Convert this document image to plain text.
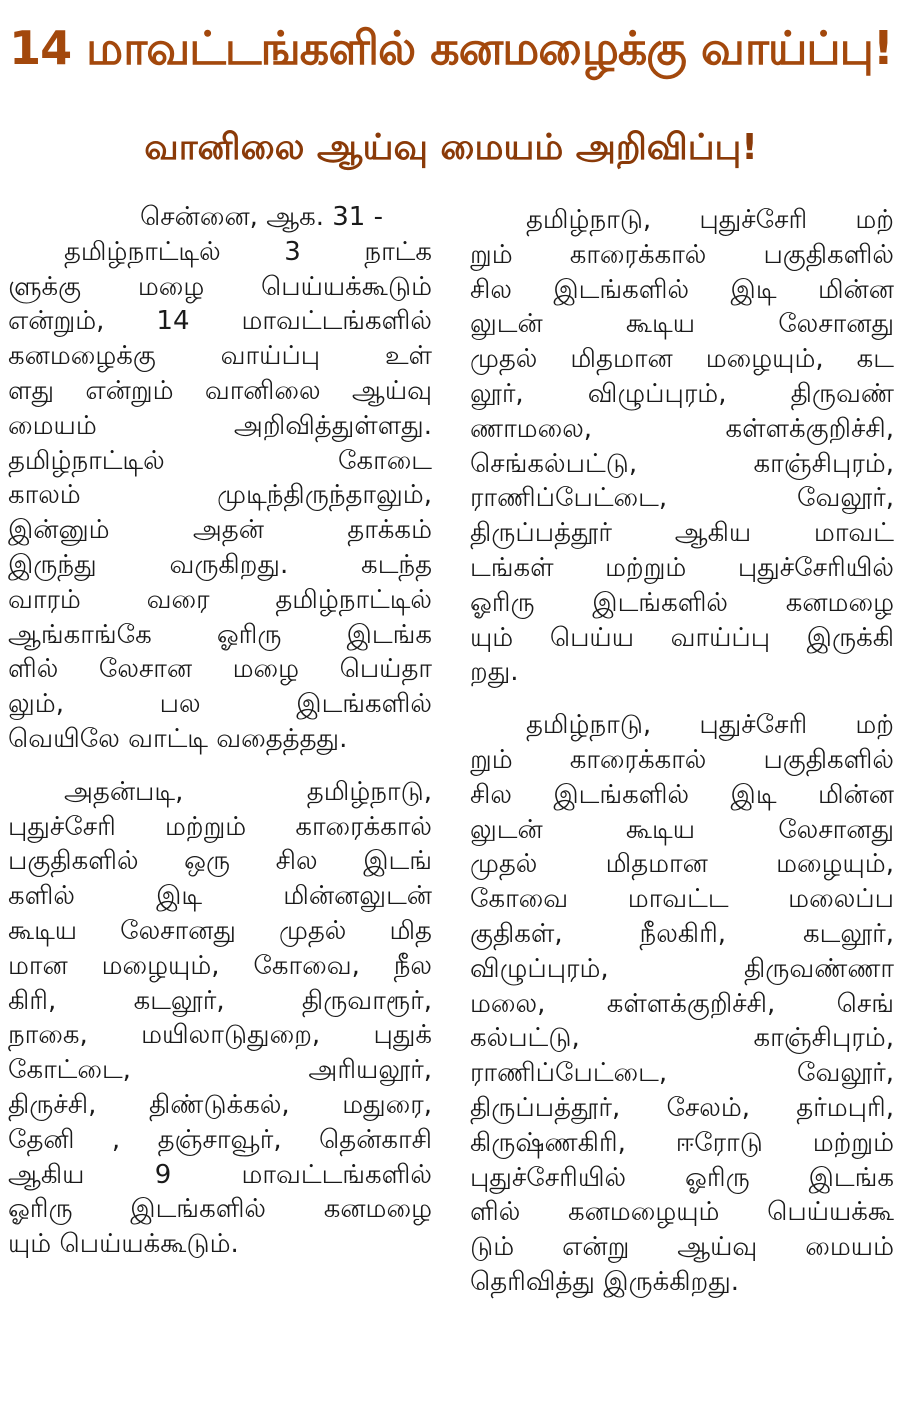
14 மாவட்டங்களில் கனமழைக்கு வாய்ப்பு!
வானிலை ஆய்வு மையம் அறிவிப்பு!
சென்னை, ஆக. 31 -
தமிழ்நாட்டில் 3 நாட்க
ளுக்கு மழை பெய்யக்கூடும்
என்றும், 14 மாவட்டங்களில்
கனமழைக்கு வாய்ப்பு உள்
ளது என்றும் வானிலை ஆய்வு
மையம் அறிவித்துள்ளது.
தமிழ்நாட்டில் கோடை
காலம் முடிந்திருந்தாலும்,
இன்னும் அதன் தாக்கம்
இருந்து வருகிறது. கடந்த
வாரம் வரை தமிழ்நாட்டில்
ஆங்காங்கே ஓரிரு இடங்க
ளில் லேசான மழை பெய்தா
லும், பல இடங்களில்
வெயிலே வாட்டி வதைத்தது.
அதன்படி, தமிழ்நாடு,
புதுச்சேரி மற்றும் காரைக்கால்
பகுதிகளில் ஒரு சில இடங்
களில் இடி மின்னலுடன்
கூடிய லேசானது முதல் மித
மான மழையும், கோவை, நீல
கிரி, கடலூர், திருவாரூர்,
நாகை, மயிலாடுதுறை, புதுக்
கோட்டை, அரியலூர்,
திருச்சி, திண்டுக்கல், மதுரை,
தேனி , தஞ்சாவூர், தென்காசி
ஆகிய 9 மாவட்டங்களில்
ஓரிரு இடங்களில் கனமழை
யும் பெய்யக்கூடும்.
தமிழ்நாடு, புதுச்சேரி மற்
றும் காரைக்கால் பகுதிகளில்
சில இடங்களில் இடி மின்ன
லுடன் கூடிய லேசானது
முதல் மிதமான மழையும், கட
லூர், விழுப்புரம், திருவண்
ணாமலை, கள்ளக்குறிச்சி,
செங்கல்பட்டு, காஞ்சிபுரம்,
ராணிப்பேட்டை, வேலூர்,
திருப்பத்தூர் ஆகிய மாவட்
டங்கள் மற்றும் புதுச்சேரியில்
ஓரிரு இடங்களில் கனமழை
யும் பெய்ய வாய்ப்பு இருக்கி
றது.
தமிழ்நாடு, புதுச்சேரி மற்
றும் காரைக்கால் பகுதிகளில்
சில இடங்களில் இடி மின்ன
லுடன் கூடிய லேசானது
முதல் மிதமான மழையும்,
கோவை மாவட்ட மலைப்ப
குதிகள், நீலகிரி, கடலூர்,
விழுப்புரம், திருவண்ணா
மலை, கள்ளக்குறிச்சி, செங்
கல்பட்டு, காஞ்சிபுரம்,
ராணிப்பேட்டை, வேலூர்,
திருப்பத்தூர், சேலம், தர்மபுரி,
கிருஷ்ணகிரி, ஈரோடு மற்றும்
புதுச்சேரியில் ஓரிரு இடங்க
ளில் கனமழையும் பெய்யக்கூ
டும் என்று ஆய்வு மையம்
தெரிவித்து இருக்கிறது.
